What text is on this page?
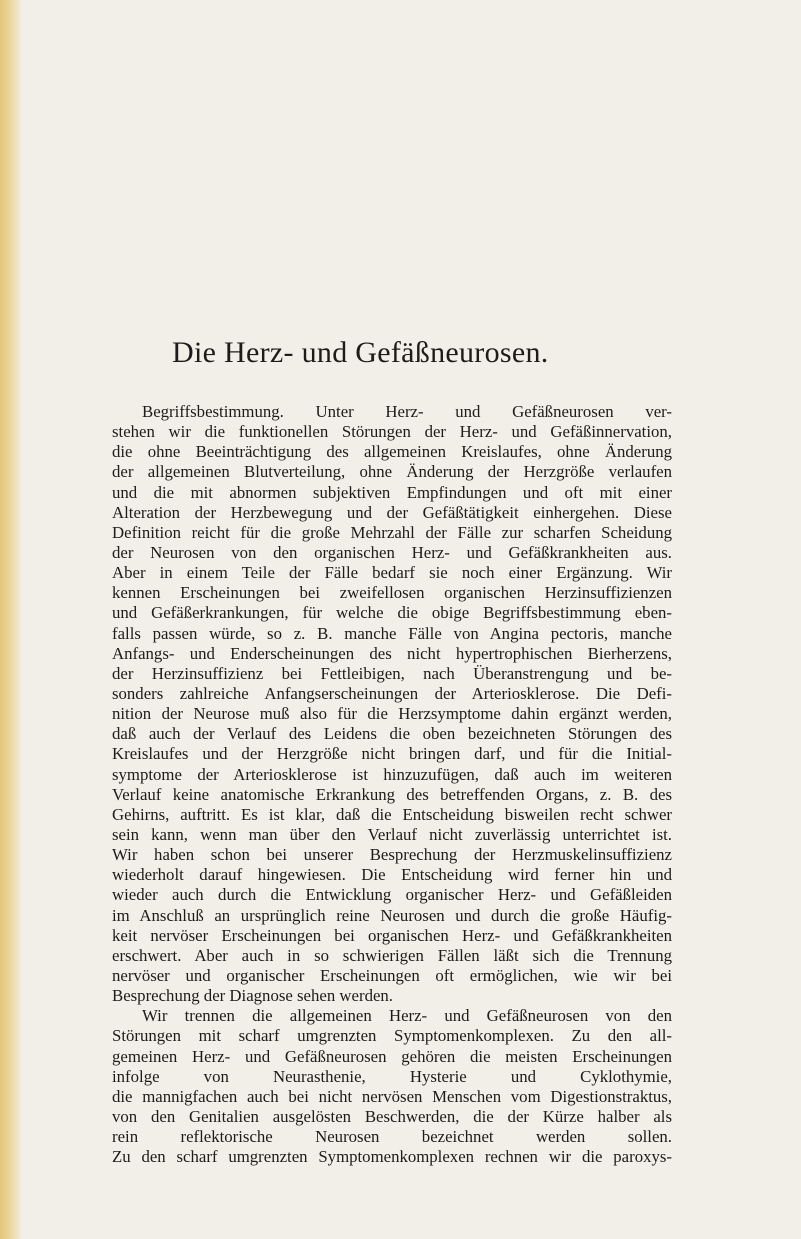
Die Herz- und Gefäßneurosen.
Begriffsbestimmung. Unter Herz- und Gefäßneurosen ver-
stehen wir die funktionellen Störungen der Herz- und Gefäßinnervation,
die ohne Beeinträchtigung des allgemeinen Kreislaufes, ohne Änderung
der allgemeinen Blutverteilung, ohne Änderung der Herzgröße verlaufen
und die mit abnormen subjektiven Empfindungen und oft mit einer
Alteration der Herzbewegung und der Gefäßtätigkeit einhergehen. Diese
Definition reicht für die große Mehrzahl der Fälle zur scharfen Scheidung
der Neurosen von den organischen Herz- und Gefäßkrankheiten aus.
Aber in einem Teile der Fälle bedarf sie noch einer Ergänzung. Wir
kennen Erscheinungen bei zweifellosen organischen Herzinsuffizienzen
und Gefäßerkrankungen, für welche die obige Begriffsbestimmung eben-
falls passen würde, so z. B. manche Fälle von Angina pectoris, manche
Anfangs- und Enderscheinungen des nicht hypertrophischen Bierherzens,
der Herzinsuffizienz bei Fettleibigen, nach Überanstrengung und be-
sonders zahlreiche Anfangserscheinungen der Arteriosklerose. Die Defi-
nition der Neurose muß also für die Herzsymptome dahin ergänzt werden,
daß auch der Verlauf des Leidens die oben bezeichneten Störungen des
Kreislaufes und der Herzgröße nicht bringen darf, und für die Initial-
symptome der Arteriosklerose ist hinzuzufügen, daß auch im weiteren
Verlauf keine anatomische Erkrankung des betreffenden Organs, z. B. des
Gehirns, auftritt. Es ist klar, daß die Entscheidung bisweilen recht schwer
sein kann, wenn man über den Verlauf nicht zuverlässig unterrichtet ist.
Wir haben schon bei unserer Besprechung der Herzmuskelinsuffizienz
wiederholt darauf hingewiesen. Die Entscheidung wird ferner hin und
wieder auch durch die Entwicklung organischer Herz- und Gefäßleiden
im Anschluß an ursprünglich reine Neurosen und durch die große Häufig-
keit nervöser Erscheinungen bei organischen Herz- und Gefäßkrankheiten
erschwert. Aber auch in so schwierigen Fällen läßt sich die Trennung
nervöser und organischer Erscheinungen oft ermöglichen, wie wir bei
Besprechung der Diagnose sehen werden.
Wir trennen die allgemeinen Herz- und Gefäßneurosen von den
Störungen mit scharf umgrenzten Symptomenkomplexen. Zu den all-
gemeinen Herz- und Gefäßneurosen gehören die meisten Erscheinungen
infolge von Neurasthenie, Hysterie und Cyklothymie,
die mannigfachen auch bei nicht nervösen Menschen vom Digestionstraktus,
von den Genitalien ausgelösten Beschwerden, die der Kürze halber als
rein reflektorische Neurosen bezeichnet werden sollen.
Zu den scharf umgrenzten Symptomenkomplexen rechnen wir die paroxys-
